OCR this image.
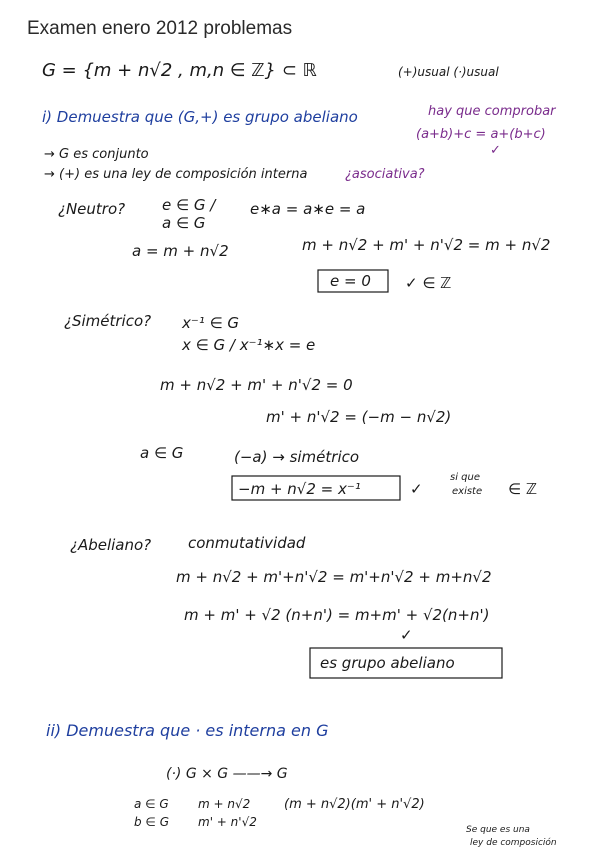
Examen enero 2012 problemas
G = {m + n√2 , m,n ∈ ℤ} ⊂ ℝ	(+)usual (·)usual
i) Demuestra que (G,+) es grupo abeliano	hay que comprobar
(a+b)+c = a+(b+c)
✓
→ G es conjunto
→ (+) es una ley de composición interna	¿asociativa?
¿Neutro? e ∈ G /
a ∈ G
e∗a = a∗e = a
a = m + n√2	m + n√2 + m' + n'√2 = m + n√2
e = 0 ✓ ∈ ℤ
¿Simétrico? x⁻¹ ∈ G
x ∈ G / x⁻¹∗x = e
m + n√2 + m' + n'√2 = 0
m' + n'√2 = (−m − n√2)
a ∈ G	(−a) → simétrico
−m + n√2 = x⁻¹	✓
si que
existe ∈ ℤ
¿Abeliano? conmutatividad
m + n√2 + m'+n'√2 = m'+n'√2 + m+n√2
m + m' + √2 (n+n') = m+m' + √2(n+n')
✓
es grupo abeliano
ii) Demuestra que · es interna en G
(·) G × G ——→ G
a ∈ G
b ∈ G
m + n√2
m' + n'√2
(m + n√2)(m' + n'√2)
Se que es una
ley de composición
